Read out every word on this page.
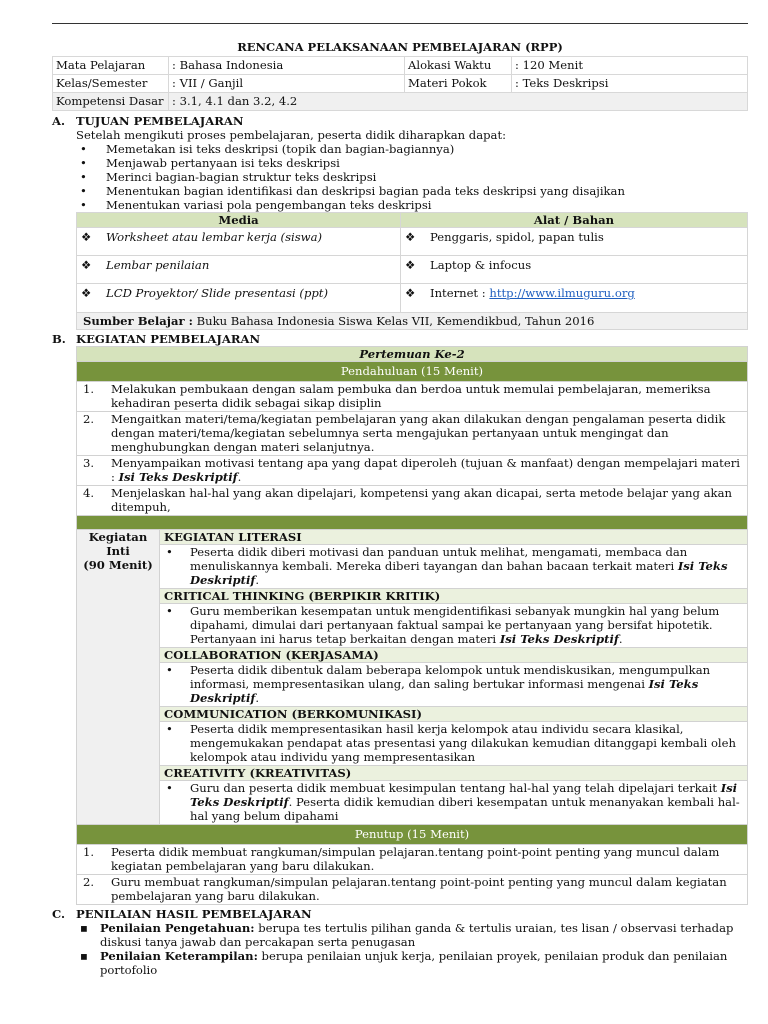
RENCANA PELAKSANAAN PEMBELAJARAN (RPP)
Mata Pelajaran	: Bahasa Indonesia	Alokasi Waktu	: 120 Menit
Kelas/Semester	: VII / Ganjil	Materi Pokok	: Teks Deskripsi
Kompetensi Dasar	: 3.1, 4.1 dan 3.2, 4.2		
A. TUJUAN PEMBELAJARAN
Setelah mengikuti proses pembelajaran, peserta didik diharapkan dapat:
•	Memetakan isi teks deskripsi (topik dan bagian-bagiannya)
•	Menjawab pertanyaan isi teks deskripsi
•	Merinci bagian-bagian struktur teks deskripsi
•	Menentukan bagian identifikasi dan deskripsi bagian pada teks deskripsi yang disajikan
•	Menentukan variasi pola pengembangan teks deskripsi
Media	Alat / Bahan
❖ Worksheet atau lembar kerja (siswa)	❖ Penggaris, spidol, papan tulis
❖ Lembar penilaian	❖ Laptop & infocus
❖ LCD Proyektor/ Slide presentasi (ppt)	❖ Internet : http://www.ilmuguru.org
Sumber Belajar : Buku Bahasa Indonesia Siswa Kelas VII, Kemendikbud, Tahun 2016	
B. KEGIATAN PEMBELAJARAN
Pertemuan Ke-2
Pendahuluan (15 Menit)

1.	Melakukan pembukaan dengan salam pembuka dan berdoa untuk memulai pembelajaran, memeriksa kehadiran peserta didik sebagai sikap disiplin

2.	Mengaitkan materi/tema/kegiatan pembelajaran yang akan dilakukan dengan pengalaman peserta didik dengan materi/tema/kegiatan sebelumnya serta mengajukan pertanyaan untuk mengingat dan menghubungkan dengan materi selanjutnya.

3.	Menyampaikan motivasi tentang apa yang dapat diperoleh (tujuan & manfaat) dengan mempelajari materi : Isi Teks Deskriptif.

4.	Menjelaskan hal-hal yang akan dipelajari, kompetensi yang akan dicapai, serta metode belajar yang akan ditempuh,

Kegiatan
Inti
(90 Menit)
	KEGIATAN LITERASI

•	Peserta didik diberi motivasi dan panduan untuk melihat, mengamati, membaca dan menuliskannya kembali. Mereka diberi tayangan dan bahan bacaan terkait materi Isi Teks Deskriptif.

CRITICAL THINKING (BERPIKIR KRITIK)

•	Guru memberikan kesempatan untuk mengidentifikasi sebanyak mungkin hal yang belum dipahami, dimulai dari pertanyaan faktual sampai ke pertanyaan yang bersifat hipotetik. Pertanyaan ini harus tetap berkaitan dengan materi Isi Teks Deskriptif.

COLLABORATION (KERJASAMA)

•	Peserta didik dibentuk dalam beberapa kelompok untuk mendiskusikan, mengumpulkan informasi, mempresentasikan ulang, dan saling bertukar informasi mengenai Isi Teks Deskriptif.

COMMUNICATION (BERKOMUNIKASI)

•	Peserta didik mempresentasikan hasil kerja kelompok atau individu secara klasikal, mengemukakan pendapat atas presentasi yang dilakukan kemudian ditanggapi kembali oleh kelompok atau individu yang mempresentasikan

CREATIVITY (KREATIVITAS)

•	Guru dan peserta didik membuat kesimpulan tentang hal-hal yang telah dipelajari terkait Isi Teks Deskriptif. Peserta didik kemudian diberi kesempatan untuk menanyakan kembali hal-hal yang belum dipahami

Penutup (15 Menit)

1.	Peserta didik membuat rangkuman/simpulan pelajaran.tentang point-point penting yang muncul dalam kegiatan pembelajaran yang baru dilakukan.

2.	Guru membuat rangkuman/simpulan pelajaran.tentang point-point penting yang muncul dalam kegiatan pembelajaran yang baru dilakukan.
C. PENILAIAN HASIL PEMBELAJARAN
▪	Penilaian Pengetahuan: berupa tes tertulis pilihan ganda & tertulis uraian, tes lisan / observasi terhadap diskusi tanya jawab dan percakapan serta penugasan
▪	Penilaian Keterampilan: berupa penilaian unjuk kerja, penilaian proyek, penilaian produk dan penilaian portofolio
